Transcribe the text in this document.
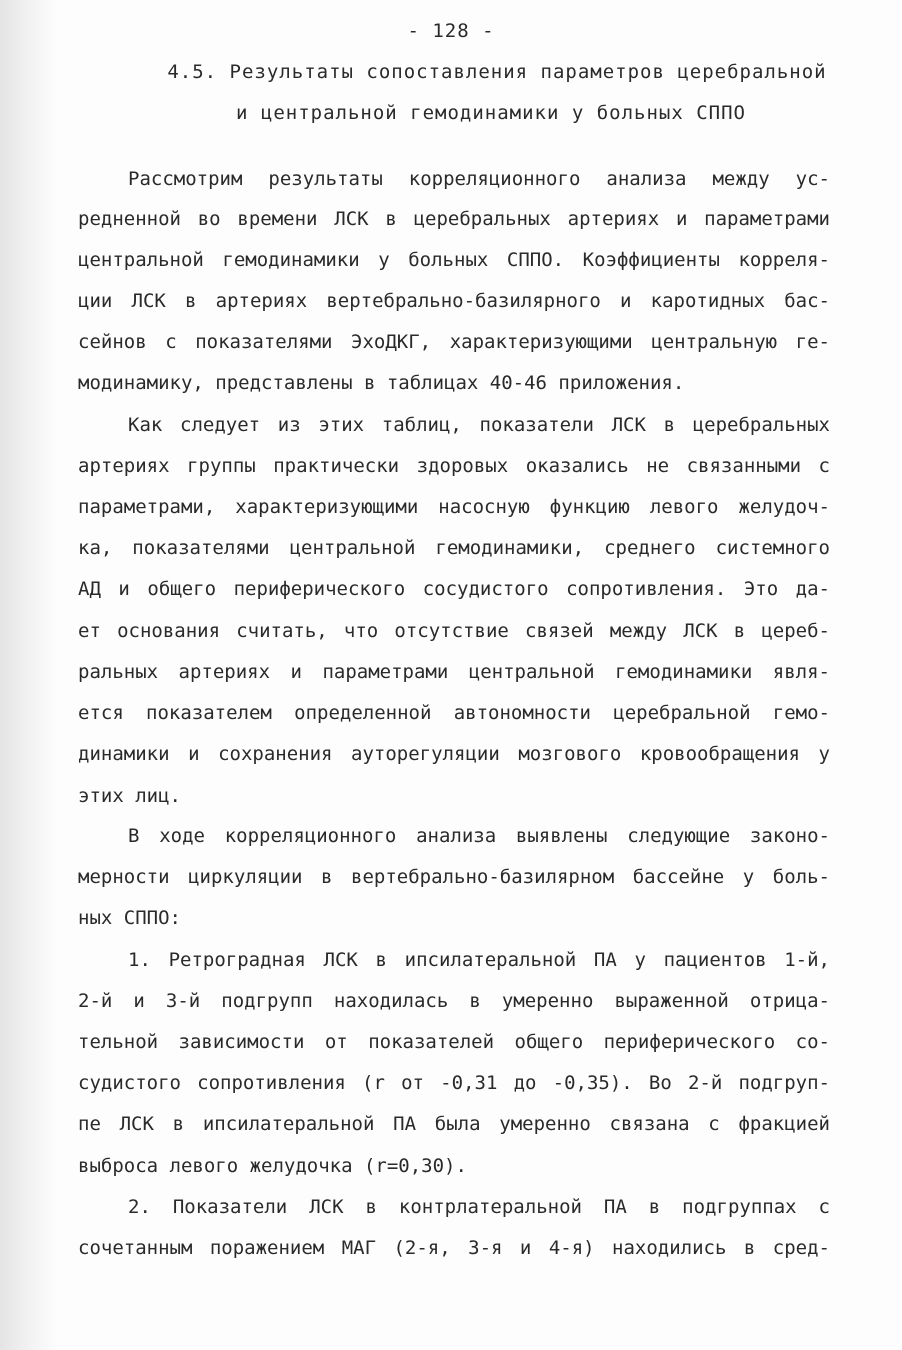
- 128 -
4.5. Результаты сопоставления параметров церебральной
и центральной гемодинамики у больных СППО
Рассмотрим результаты корреляционного анализа между ус-
редненной во времени ЛСК в церебральных артериях и параметрами
центральной гемодинамики у больных СППО. Коэффициенты корреля-
ции ЛСК в артериях вертебрально-базилярного и каротидных бас-
сейнов с показателями ЭхоДКГ, характеризующими центральную ге-
модинамику, представлены в таблицах 40-46 приложения.
Как следует из этих таблиц, показатели ЛСК в церебральных
артериях группы практически здоровых оказались не связанными с
параметрами, характеризующими насосную функцию левого желудоч-
ка, показателями центральной гемодинамики, среднего системного
АД и общего периферического сосудистого сопротивления. Это да-
ет основания считать, что отсутствие связей между ЛСК в цереб-
ральных артериях и параметрами центральной гемодинамики явля-
ется показателем определенной автономности церебральной гемо-
динамики и сохранения ауторегуляции мозгового кровообращения у
этих лиц.
В ходе корреляционного анализа выявлены следующие законо-
мерности циркуляции в вертебрально-базилярном бассейне у боль-
ных СППО:
1. Ретроградная ЛСК в ипсилатеральной ПА у пациентов 1-й,
2-й и 3-й подгрупп находилась в умеренно выраженной отрица-
тельной зависимости от показателей общего периферического со-
судистого сопротивления (r от -0,31 до -0,35). Во 2-й подгруп-
пе ЛСК в ипсилатеральной ПА была умеренно связана с фракцией
выброса левого желудочка (r=0,30).
2. Показатели ЛСК в контрлатеральной ПА в подгруппах с
сочетанным поражением МАГ (2-я, 3-я и 4-я) находились в сред-
